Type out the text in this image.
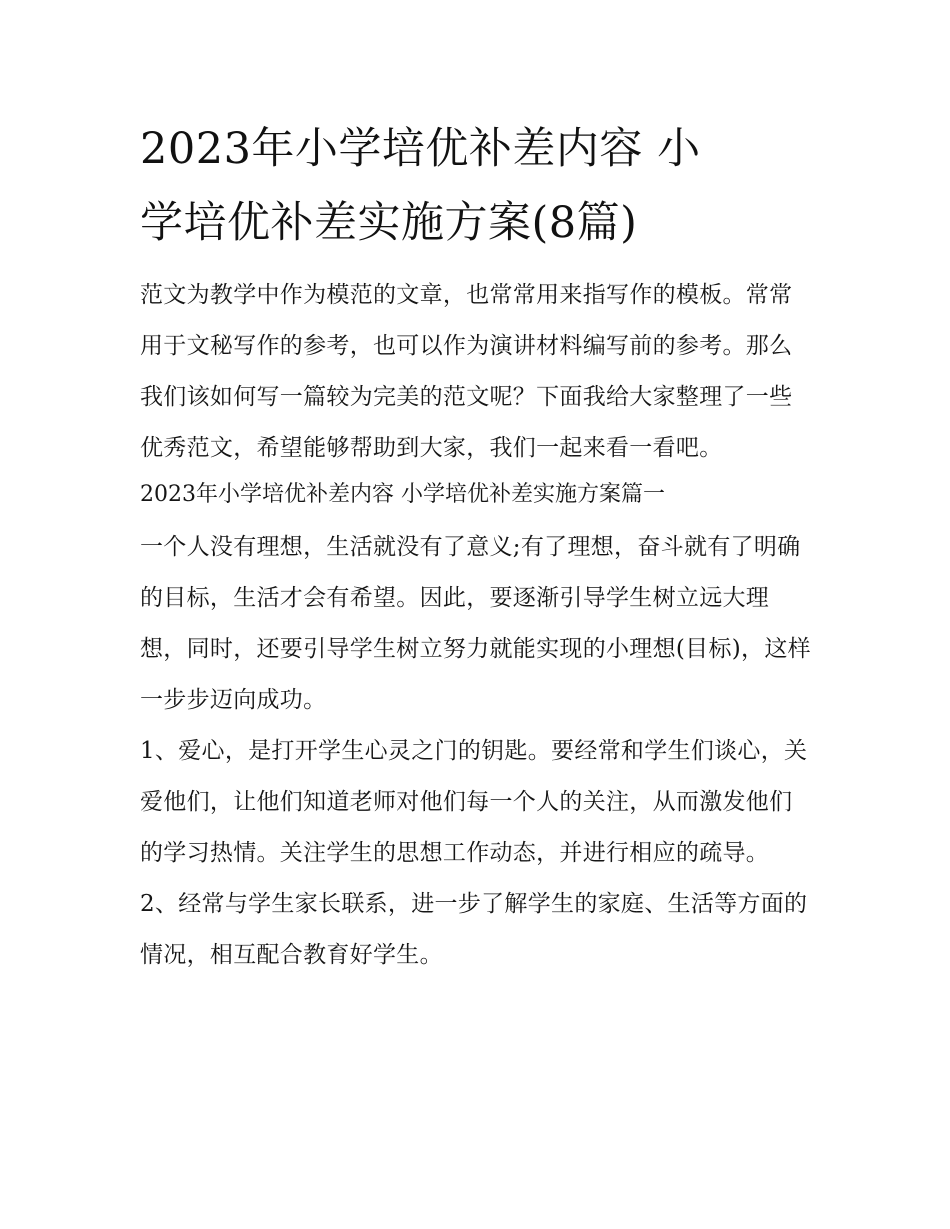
2023年小学培优补差内容 小
学培优补差实施方案(8篇)

范文为教学中作为模范的文章，也常常用来指写作的模板。常常用于文秘写作的参考，也可以作为演讲材料编写前的参考。那么我们该如何写一篇较为完美的范文呢？下面我给大家整理了一些优秀范文，希望能够帮助到大家，我们一起来看一看吧。

2023年小学培优补差内容 小学培优补差实施方案篇一

一个人没有理想，生活就没有了意义;有了理想，奋斗就有了明确的目标，生活才会有希望。因此，要逐渐引导学生树立远大理想，同时，还要引导学生树立努力就能实现的小理想(目标)，这样一步步迈向成功。

1、爱心，是打开学生心灵之门的钥匙。要经常和学生们谈心，关爱他们，让他们知道老师对他们每一个人的关注，从而激发他们的学习热情。关注学生的思想工作动态，并进行相应的疏导。

2、经常与学生家长联系，进一步了解学生的家庭、生活等方面的情况，相互配合教育好学生。
